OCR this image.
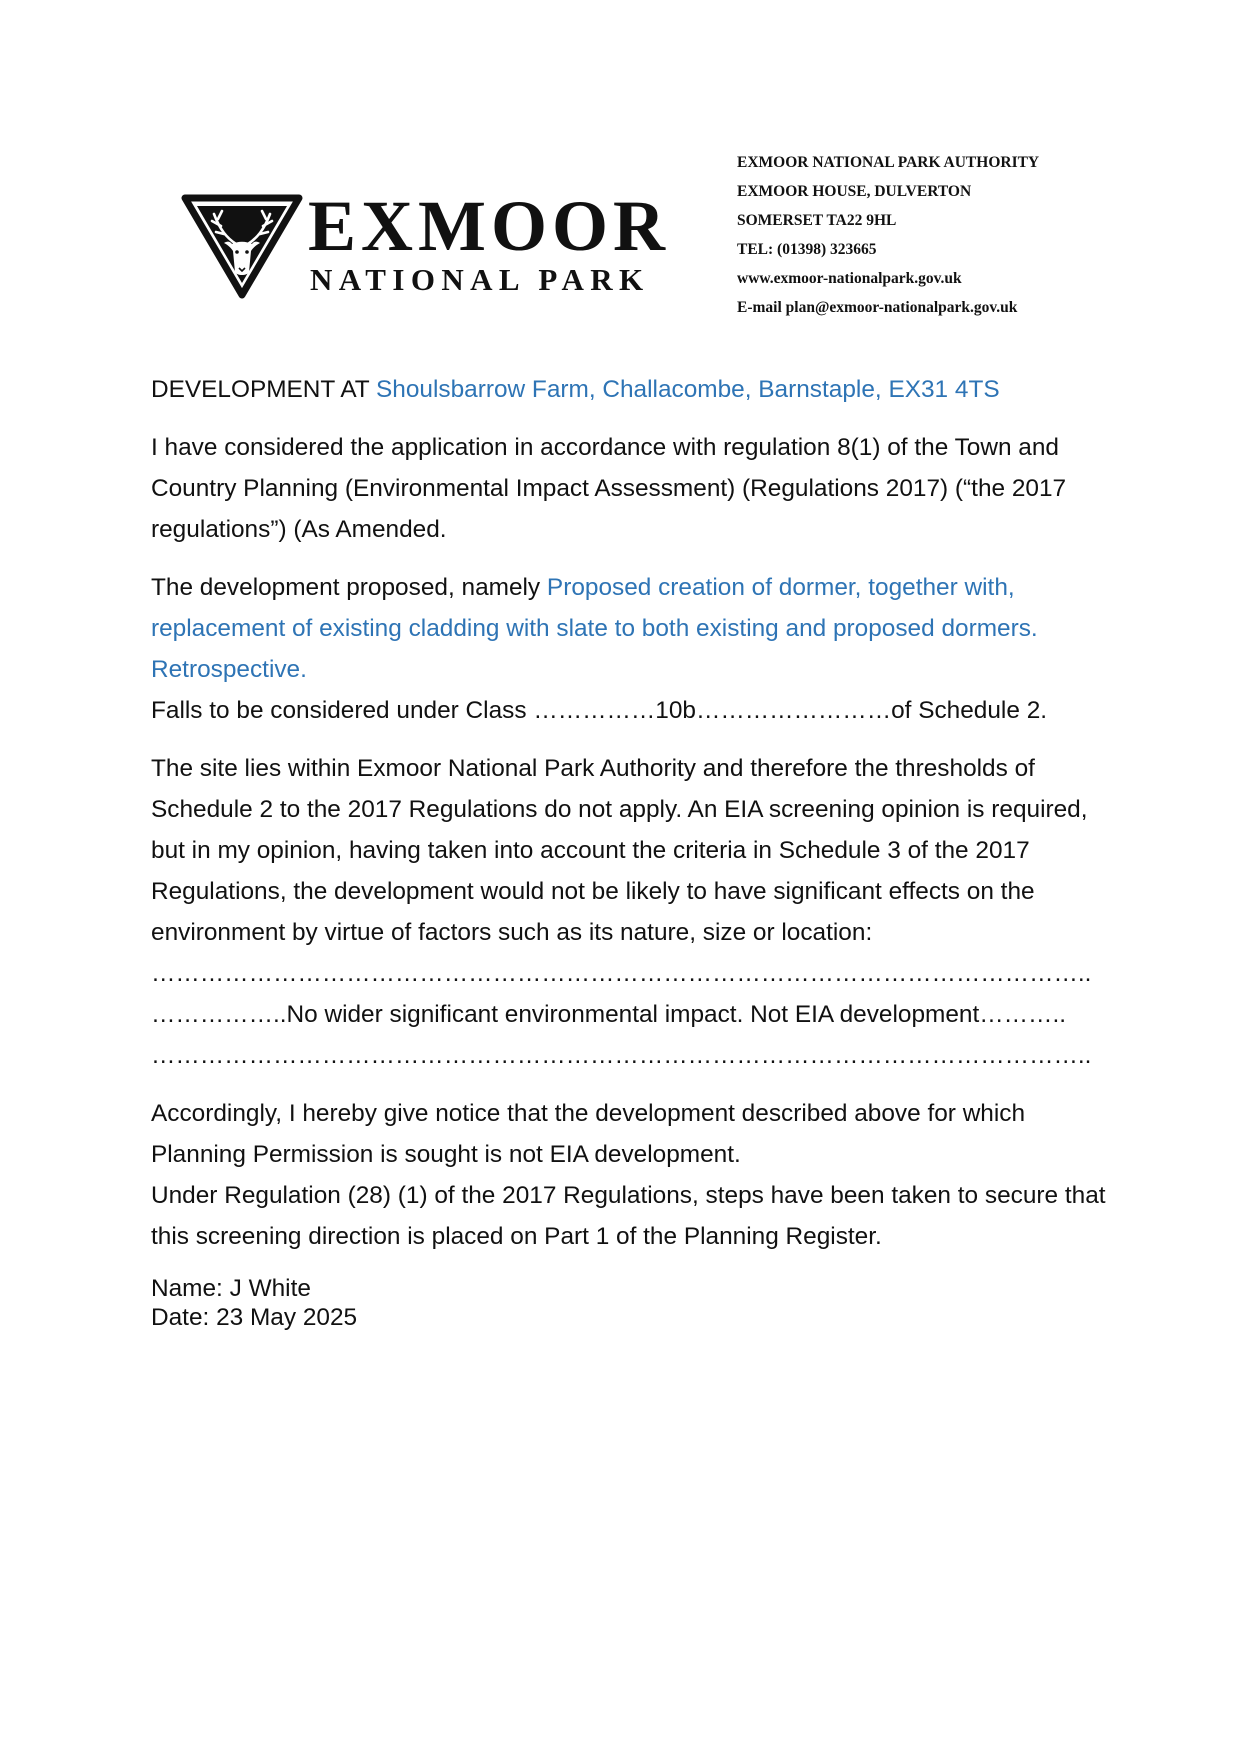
EXMOOR
NATIONAL PARK
EXMOOR NATIONAL PARK AUTHORITY
EXMOOR HOUSE, DULVERTON
SOMERSET TA22 9HL
TEL: (01398) 323665
www.exmoor-nationalpark.gov.uk
E-mail plan@exmoor-nationalpark.gov.uk

DEVELOPMENT AT Shoulsbarrow Farm, Challacombe, Barnstaple, EX31 4TS

I have considered the application in accordance with regulation 8(1) of the Town and Country Planning (Environmental Impact Assessment) (Regulations 2017) (“the 2017 regulations”) (As Amended.

The development proposed, namely Proposed creation of dormer, together with, replacement of existing cladding with slate to both existing and proposed dormers. Retrospective.

Falls to be considered under Class ……………10b……………………of Schedule 2.

The site lies within Exmoor National Park Authority and therefore the thresholds of Schedule 2 to the 2017 Regulations do not apply. An EIA screening opinion is required, but in my opinion, having taken into account the criteria in Schedule 3 of the 2017 Regulations, the development would not be likely to have significant effects on the environment by virtue of factors such as its nature, size or location:

……………………………………………………………………………………………………..

……………..No wider significant environmental impact. Not EIA development………..

……………………………………………………………………………………………………..

Accordingly, I hereby give notice that the development described above for which Planning Permission is sought is not EIA development.

Under Regulation (28) (1) of the 2017 Regulations, steps have been taken to secure that this screening direction is placed on Part 1 of the Planning Register.

Name: J White

Date: 23 May 2025
